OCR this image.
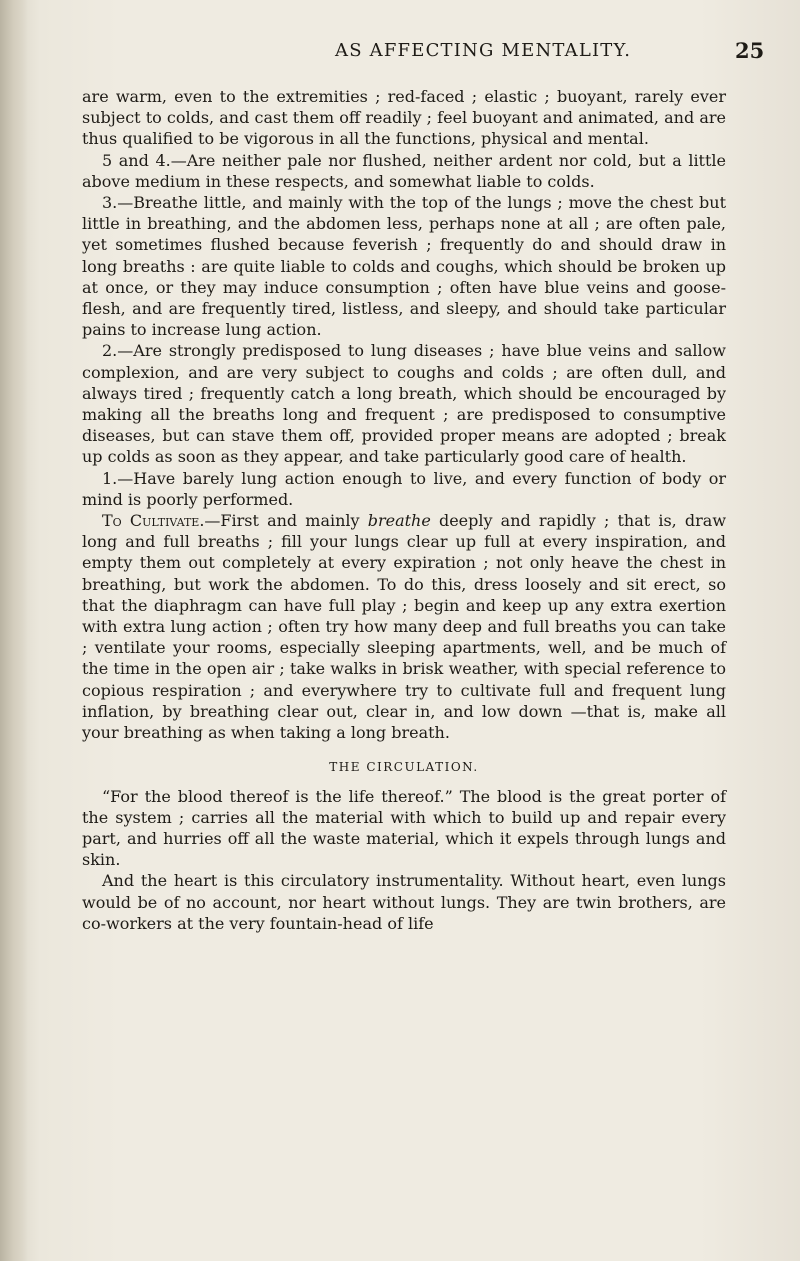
AS AFFECTING MENTALITY.	25

are warm, even to the extremities ; red-faced ; elastic ; buoyant, rarely ever subject to colds, and cast them off readily ; feel buoyant and animated, and are thus qualified to be vigorous in all the functions, physical and mental.

5 and 4.—Are neither pale nor flushed, neither ardent nor cold, but a little above medium in these respects, and somewhat liable to colds.

3.—Breathe little, and mainly with the top of the lungs ; move the chest but little in breathing, and the abdomen less, perhaps none at all ; are often pale, yet sometimes flushed because feverish ; frequently do and should draw in long breaths : are quite liable to colds and coughs, which should be broken up at once, or they may induce consumption ; often have blue veins and goose-flesh, and are frequently tired, listless, and sleepy, and should take particular pains to increase lung action.

2.—Are strongly predisposed to lung diseases ; have blue veins and sallow complexion, and are very subject to coughs and colds ; are often dull, and always tired ; frequently catch a long breath, which should be encouraged by making all the breaths long and frequent ; are predisposed to consumptive diseases, but can stave them off, provided proper means are adopted ; break up colds as soon as they appear, and take particularly good care of health.

1.—Have barely lung action enough to live, and every function of body or mind is poorly performed.

To Cultivate.—First and mainly breathe deeply and rapidly ; that is, draw long and full breaths ; fill your lungs clear up full at every inspiration, and empty them out completely at every expiration ; not only heave the chest in breathing, but work the abdomen. To do this, dress loosely and sit erect, so that the diaphragm can have full play ; begin and keep up any extra exertion with extra lung action ; often try how many deep and full breaths you can take ; ventilate your rooms, especially sleeping apartments, well, and be much of the time in the open air ; take walks in brisk weather, with special reference to copious respiration ; and everywhere try to cultivate full and frequent lung inflation, by breathing clear out, clear in, and low down —that is, make all your breathing as when taking a long breath.

THE CIRCULATION.

“For the blood thereof is the life thereof.” The blood is the great porter of the system ; carries all the material with which to build up and repair every part, and hurries off all the waste material, which it expels through lungs and skin.

And the heart is this circulatory instrumentality. Without heart, even lungs would be of no account, nor heart without lungs. They are twin brothers, are co-workers at the very fountain-head of life
